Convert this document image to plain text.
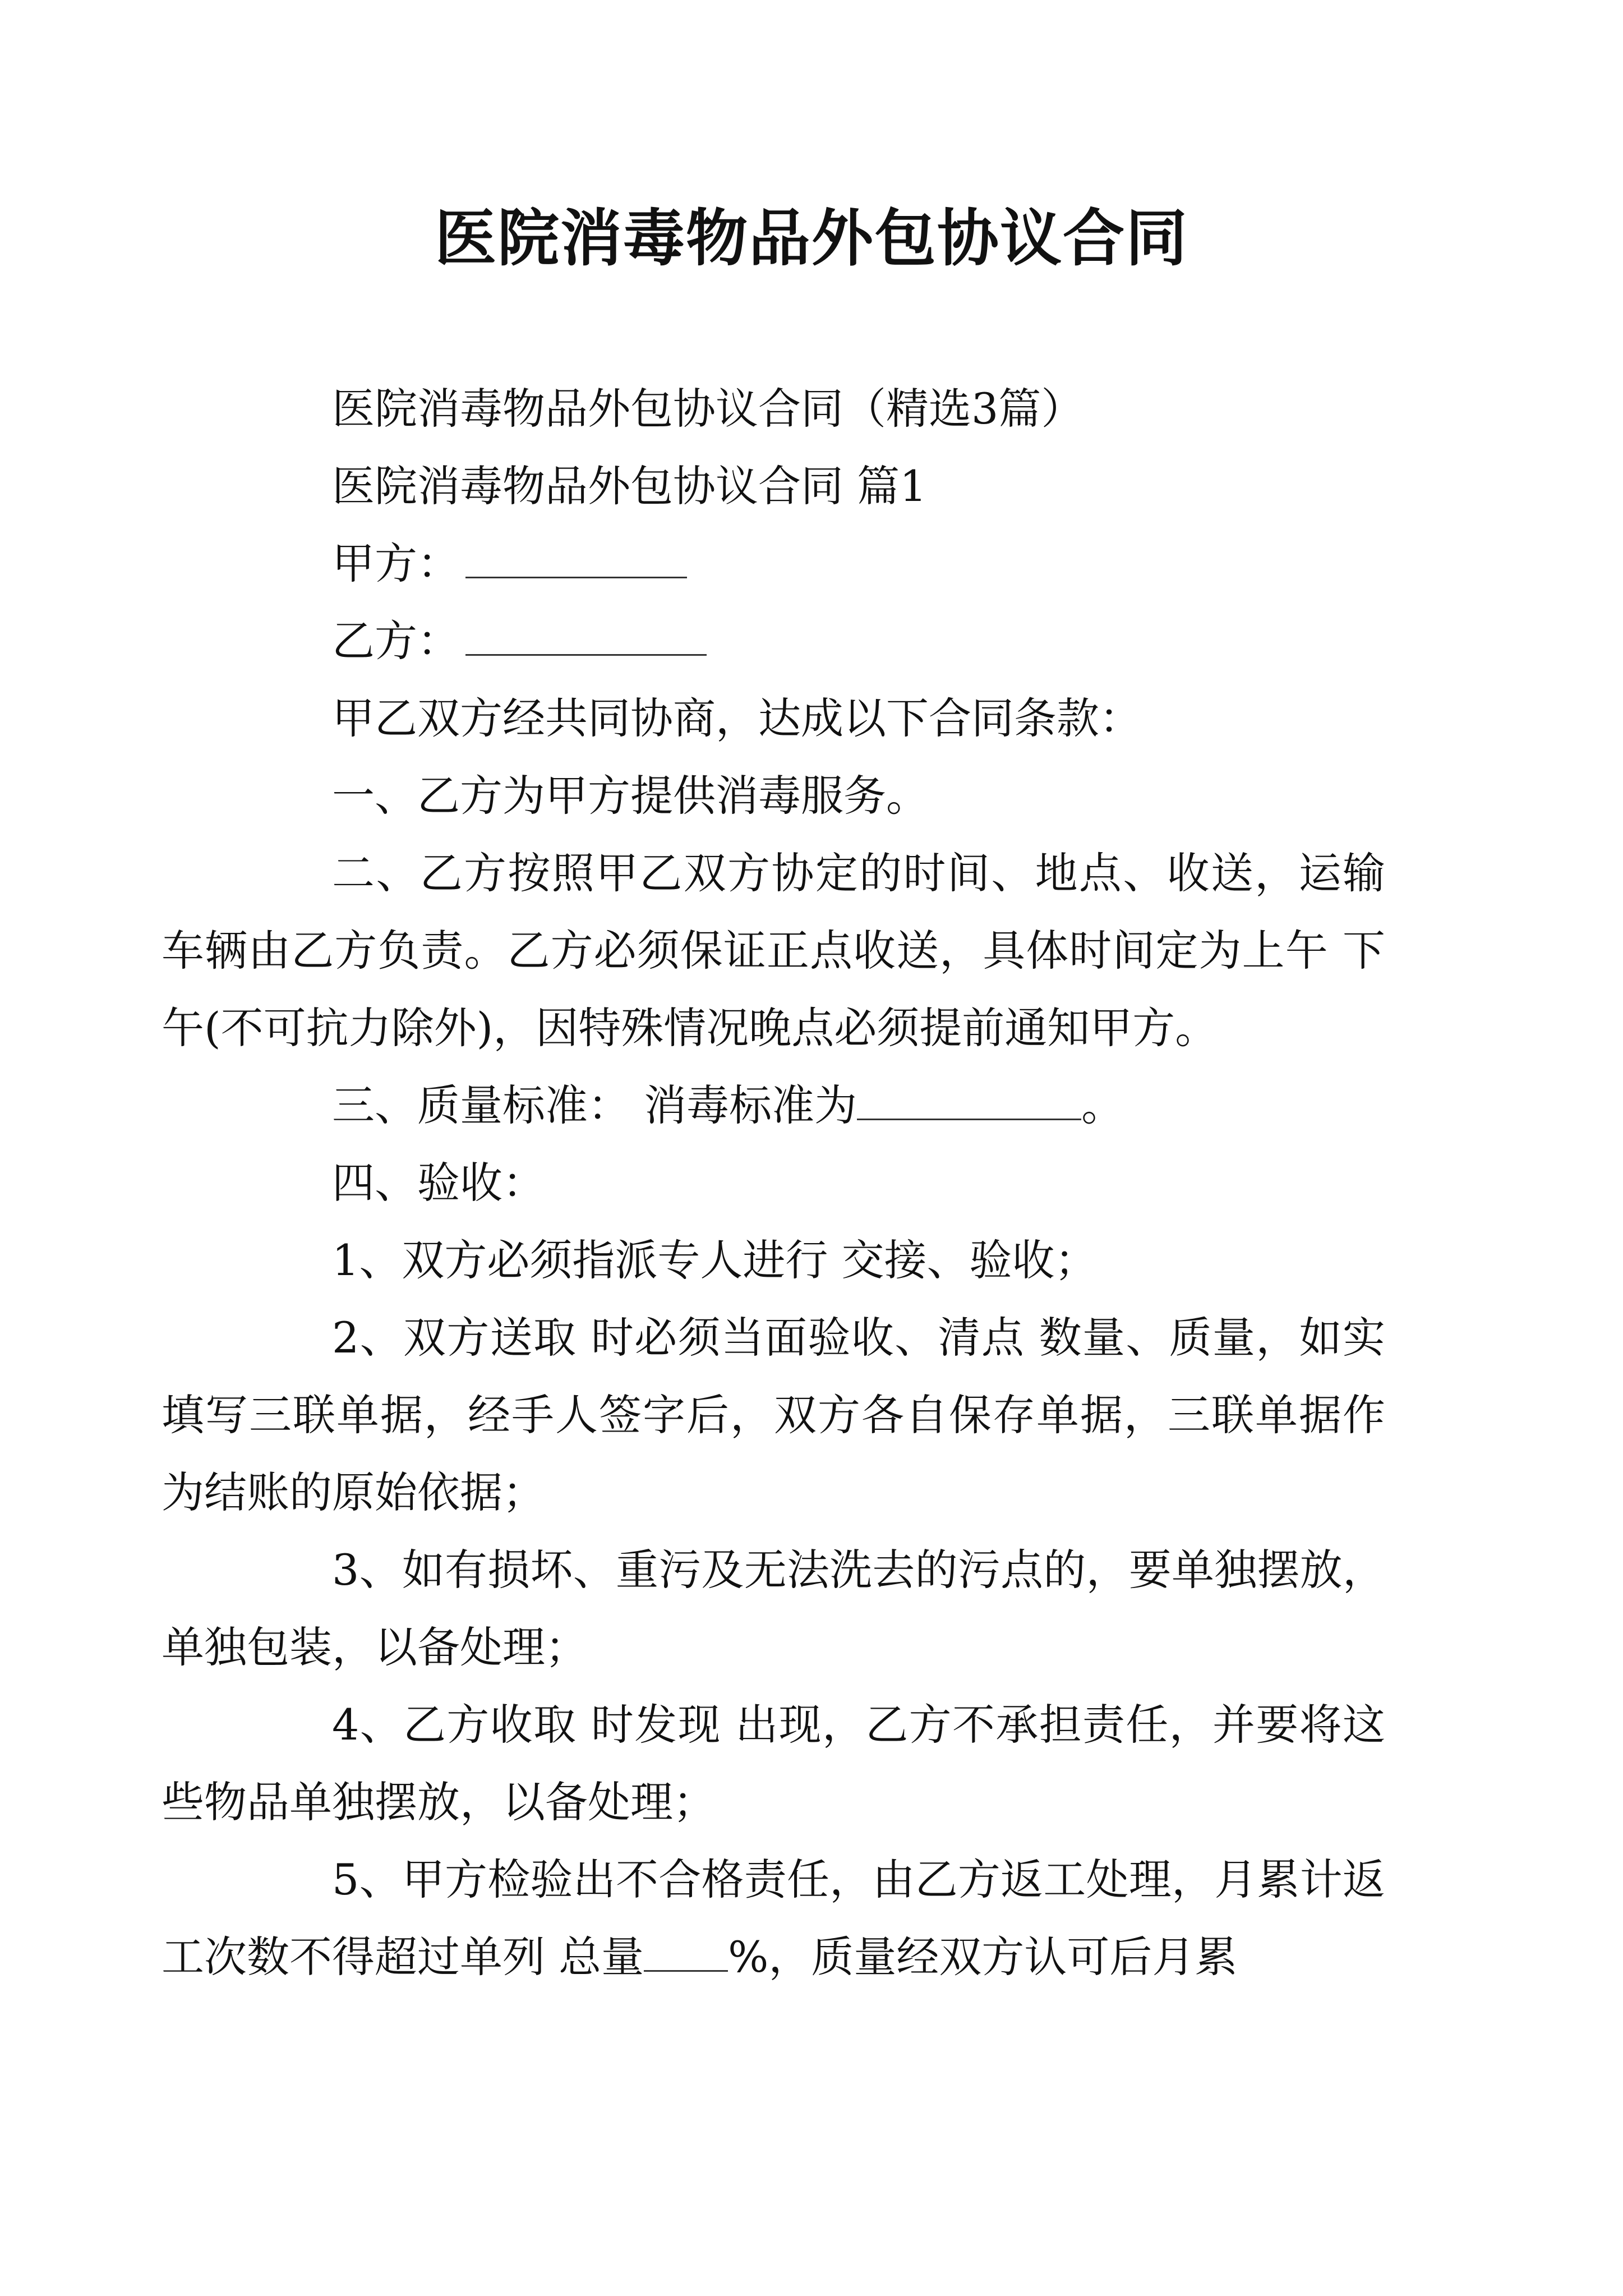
医院消毒物品外包协议合同

医院消毒物品外包协议合同（精选3篇）

医院消毒物品外包协议合同 篇1

甲方：

乙方：

甲乙双方经共同协商，达成以下合同条款：

一、乙方为甲方提供消毒服务。

二、乙方按照甲乙双方协定的时间、地点、收送，运输车辆由乙方负责。乙方必须保证正点收送，具体时间定为上午 下午(不可抗力除外)，因特殊情况晚点必须提前通知甲方。

三、质量标准： 消毒标准为	。

四、验收：

1、双方必须指派专人进行 交接、验收；

2、双方送取 时必须当面验收、清点 数量、质量，如实填写三联单据，经手人签字后，双方各自保存单据，三联单据作为结账的原始依据；

3、如有损坏、重污及无法洗去的污点的，要单独摆放，单独包装，以备处理；

4、乙方收取 时发现 出现，乙方不承担责任，并要将这些物品单独摆放，以备处理；

5、甲方检验出不合格责任，由乙方返工处理，月累计返工次数不得超过单列 总量 %，质量经双方认可后月累
